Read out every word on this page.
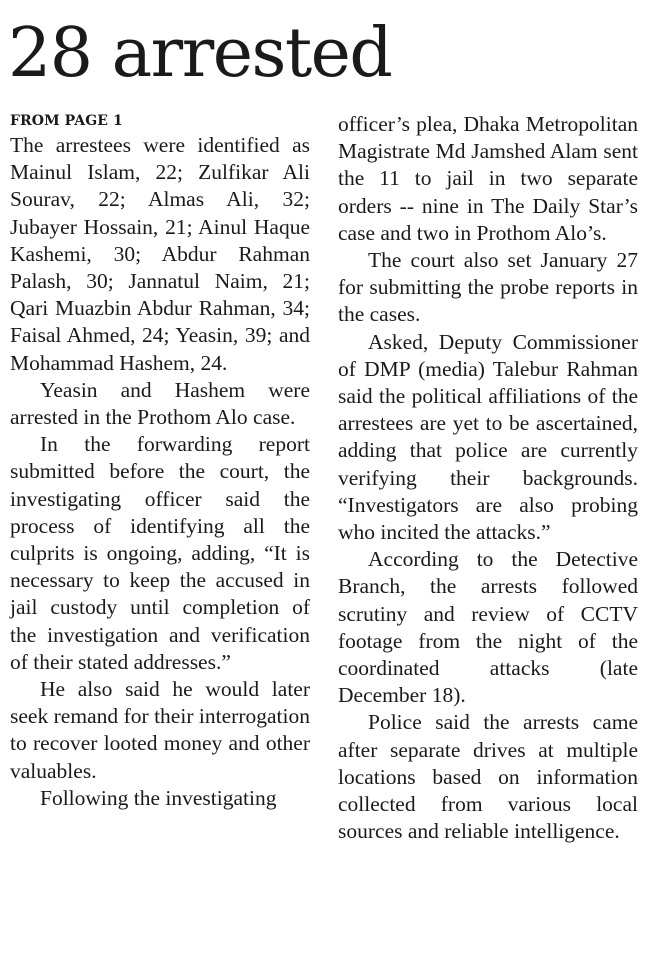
28 arrested
FROM PAGE 1

The arrestees were identified as Mainul Islam, 22; Zulfikar Ali Sourav, 22; Almas Ali, 32; Jubayer Hossain, 21; Ainul Haque Kashemi, 30; Abdur Rahman Palash, 30; Jannatul Naim, 21; Qari Muazbin Abdur Rahman, 34; Faisal Ahmed, 24; Yeasin, 39; and Mohammad Hashem, 24.

Yeasin and Hashem were arrested in the Prothom Alo case.

In the forwarding report submitted before the court, the investigating officer said the process of identifying all the culprits is ongoing, adding, “It is necessary to keep the accused in jail custody until completion of the investigation and verification of their stated addresses.”

He also said he would later seek remand for their interrogation to recover looted money and other valuables.

Following the investigating

officer’s plea, Dhaka Metropolitan Magistrate Md Jamshed Alam sent the 11 to jail in two separate orders -- nine in The Daily Star’s case and two in Prothom Alo’s.

The court also set January 27 for submitting the probe reports in the cases.

Asked, Deputy Commissioner of DMP (media) Talebur Rahman said the political affiliations of the arrestees are yet to be ascertained, adding that police are currently verifying their backgrounds. “Investigators are also probing who incited the attacks.”

According to the Detective Branch, the arrests followed scrutiny and review of CCTV footage from the night of the coordinated attacks (late December 18).

Police said the arrests came after separate drives at multiple locations based on information collected from various local sources and reliable intelligence.
